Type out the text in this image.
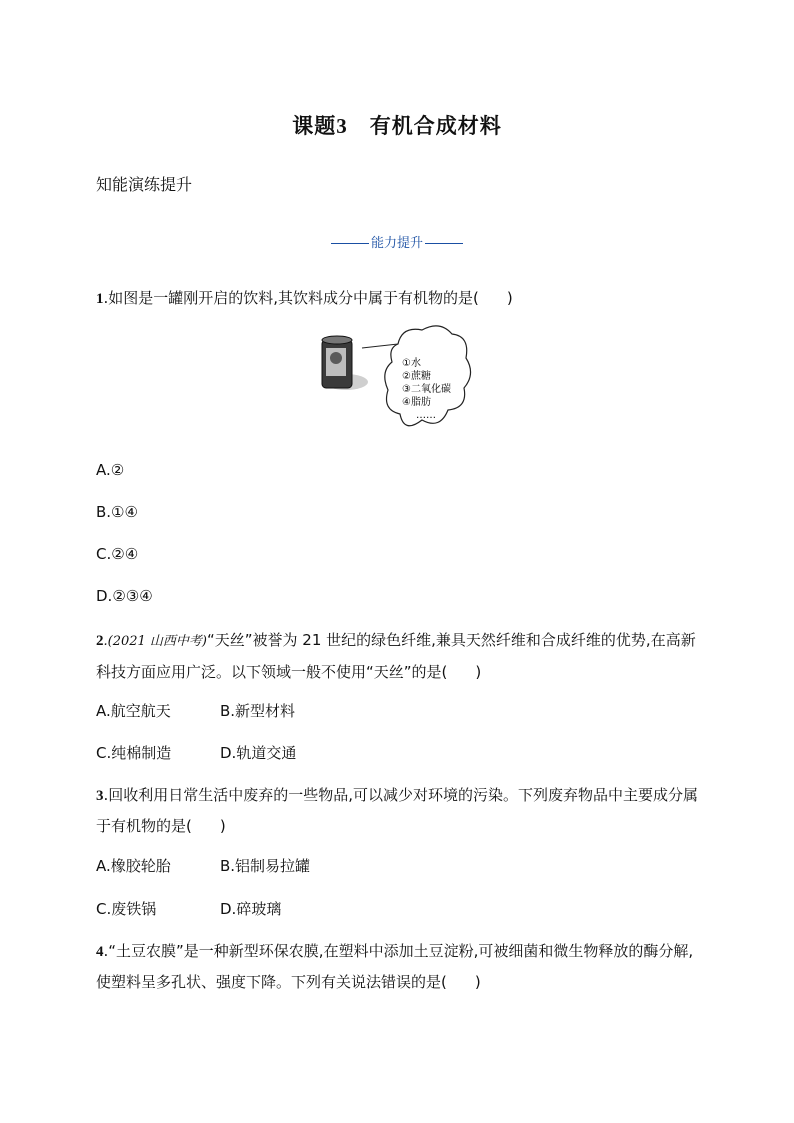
课题3 有机合成材料
知能演练提升
能力提升
1.如图是一罐刚开启的饮料,其饮料成分中属于有机物的是( )
①水
②蔗糖
③二氧化碳
④脂肪
……
A.②
B.①④
C.②④
D.②③④
2.(2021 山西中考)“天丝”被誉为 21 世纪的绿色纤维,兼具天然纤维和合成纤维的优势,在高新科技方面应用广泛。以下领域一般不使用“天丝”的是( )
A.航空航天	B.新型材料
C.纯棉制造	D.轨道交通
3.回收利用日常生活中废弃的一些物品,可以减少对环境的污染。下列废弃物品中主要成分属于有机物的是( )
A.橡胶轮胎	B.铝制易拉罐
C.废铁锅	D.碎玻璃
4.“土豆农膜”是一种新型环保农膜,在塑料中添加土豆淀粉,可被细菌和微生物释放的酶分解,使塑料呈多孔状、强度下降。下列有关说法错误的是( )
